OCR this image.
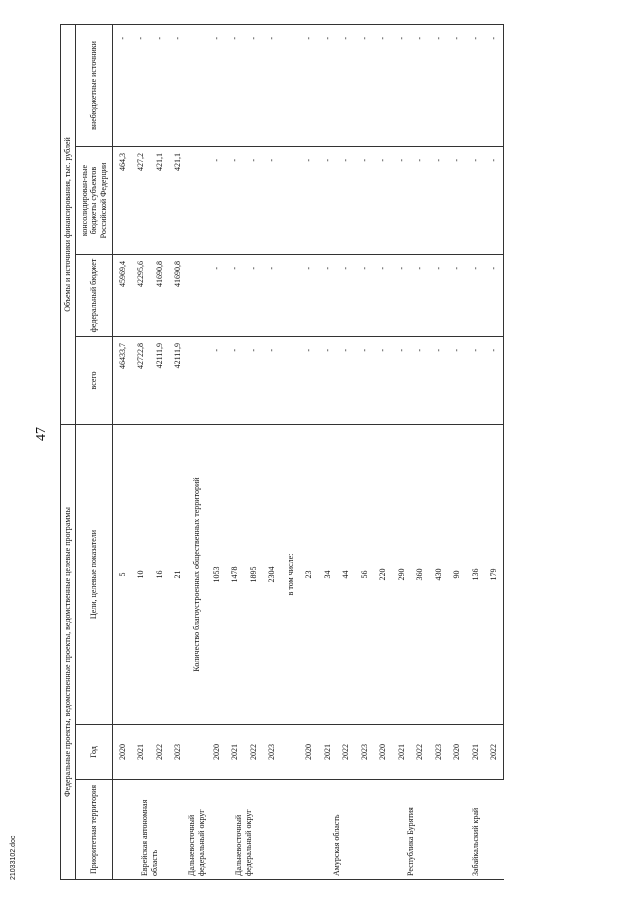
47
21033102.doc
Федеральные проекты, ведомственные проекты, ведомственные целевые программы			Объемы и источники финансирования, тыс. рублей			
Приоритетная территория	Год	Цели, целевые показатели	всего	федеральный бюджет	консолидирован-ные бюджеты субъектов Российской Федерции	внебюджетные источники
Еврейская автономная область	2020	5	46433,7	45969,4	464,3	-
	2021	10	42722,8	42295,6	427,2	-
	2022	16	42111,9	41690,8	421,1	-
	2023	21	42111,9	41690,8	421,1	-
Дальневосточный федеральный округ		Количество благоустроенных общественных территорий				
Дальневосточный федеральный округ	2020	1053	-	-	-	-
	2021	1478	-	-	-	-
	2022	1895	-	-	-	-
	2023	2304	-	-	-	-
		в том числе:				
Амурская область	2020	23	-	-	-	-
	2021	34	-	-	-	-
	2022	44	-	-	-	-
	2023	56	-	-	-	-
Республика Бурятия	2020	220	-	-	-	-
	2021	290	-	-	-	-
	2022	360	-	-	-	-
	2023	430	-	-	-	-
Забайкальский край	2020	90	-	-	-	-
	2021	136	-	-	-	-
	2022	179	-	-	-	-
